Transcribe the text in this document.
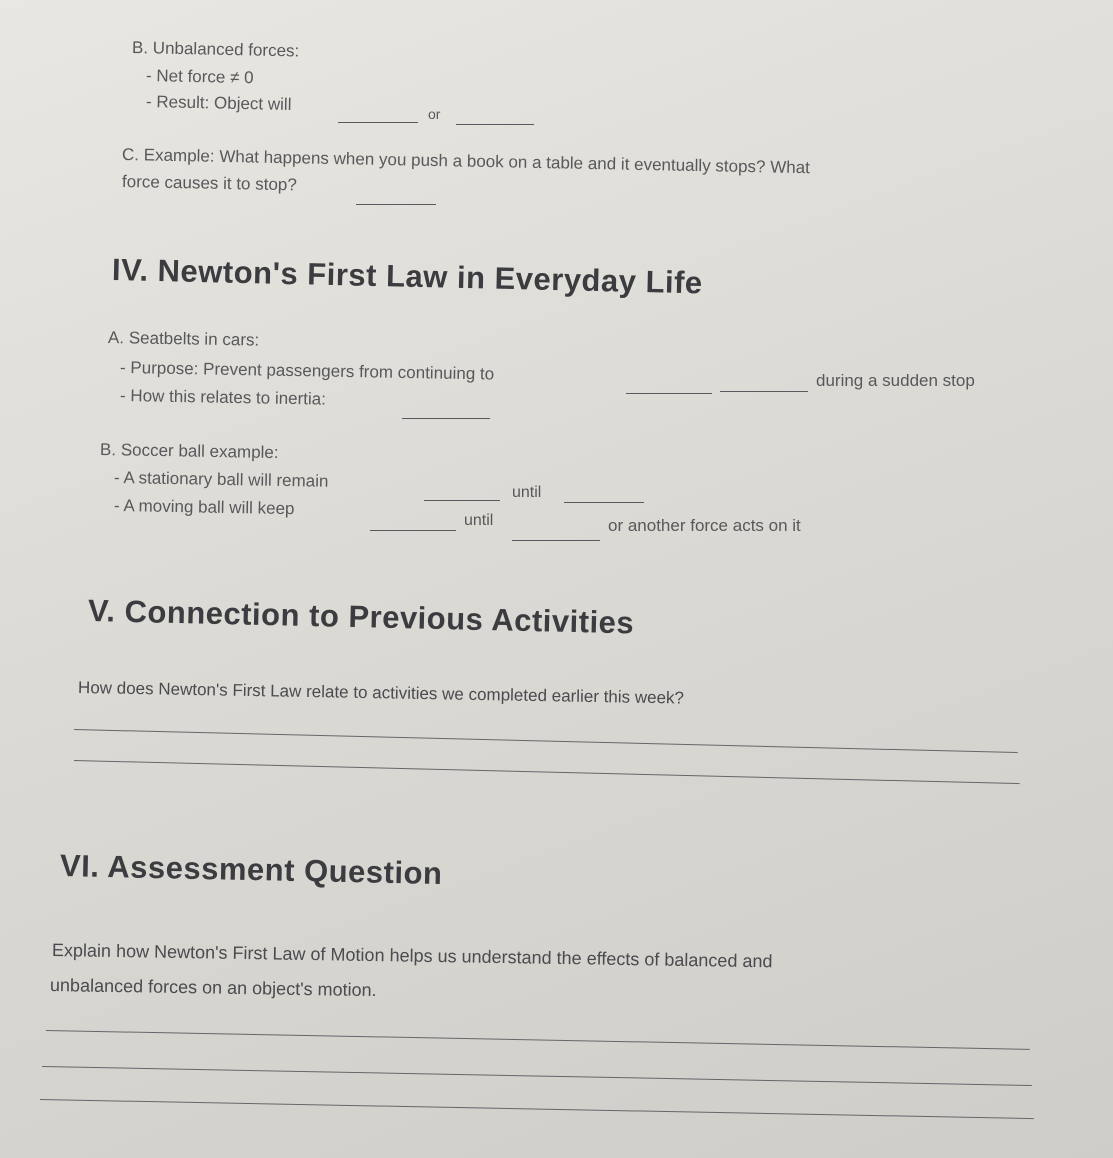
B. Unbalanced forces:
- Net force ≠ 0
- Result: Object will	or
C. Example: What happens when you push a book on a table and it eventually stops? What
force causes it to stop?
IV. Newton's First Law in Everyday Life
A. Seatbelts in cars:
- Purpose: Prevent passengers from continuing to	during a sudden stop
- How this relates to inertia:
B. Soccer ball example:
- A stationary ball will remain
until
- A moving ball will keep
until	or another force acts on it
V. Connection to Previous Activities
How does Newton's First Law relate to activities we completed earlier this week?
VI. Assessment Question
Explain how Newton's First Law of Motion helps us understand the effects of balanced and
unbalanced forces on an object's motion.
